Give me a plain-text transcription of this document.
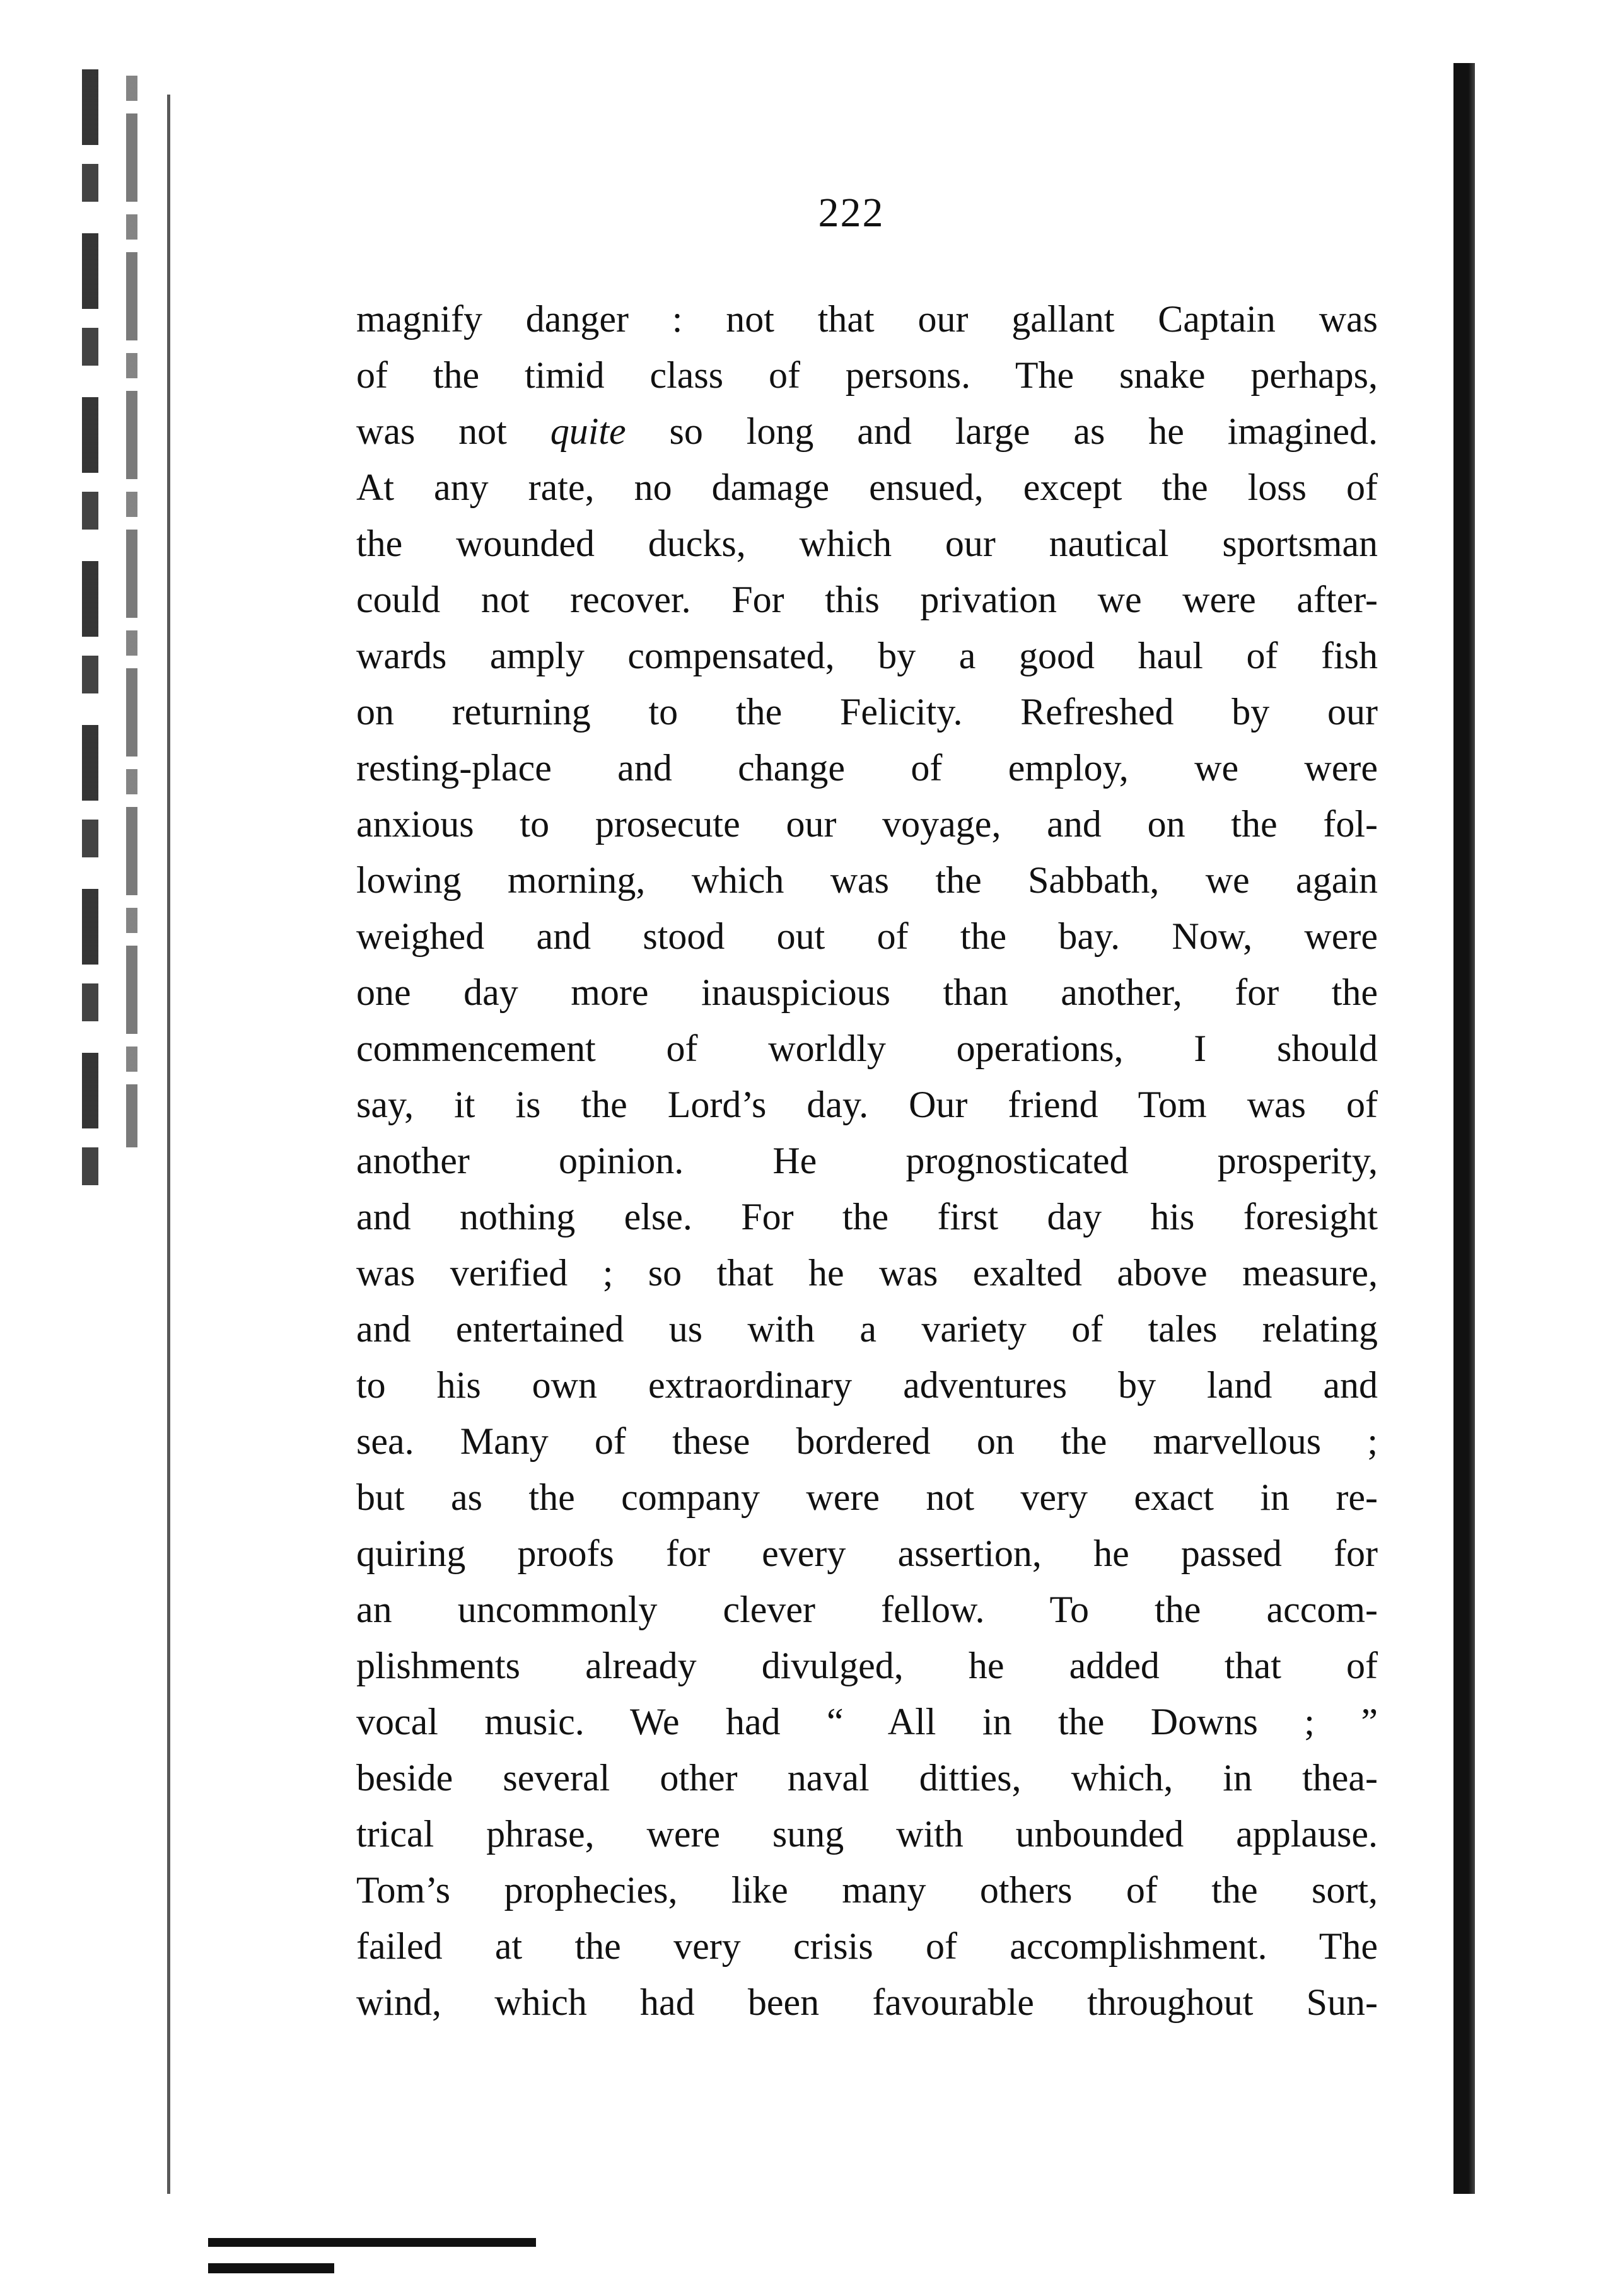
222
magnify danger : not that our gallant Captain was
of the timid class of persons. The snake perhaps,
was not quite so long and large as he imagined.
At any rate, no damage ensued, except the loss of
the wounded ducks, which our nautical sportsman
could not recover. For this privation we were after-
wards amply compensated, by a good haul of fish
on returning to the Felicity. Refreshed by our
resting-place and change of employ, we were
anxious to prosecute our voyage, and on the fol-
lowing morning, which was the Sabbath, we again
weighed and stood out of the bay. Now, were
one day more inauspicious than another, for the
commencement of worldly operations, I should
say, it is the Lord’s day. Our friend Tom was of
another opinion. He prognosticated prosperity,
and nothing else. For the first day his foresight
was verified ; so that he was exalted above measure,
and entertained us with a variety of tales relating
to his own extraordinary adventures by land and
sea. Many of these bordered on the marvellous ;
but as the company were not very exact in re-
quiring proofs for every assertion, he passed for
an uncommonly clever fellow. To the accom-
plishments already divulged, he added that of
vocal music. We had “ All in the Downs ; ”
beside several other naval ditties, which, in thea-
trical phrase, were sung with unbounded applause.
Tom’s prophecies, like many others of the sort,
failed at the very crisis of accomplishment. The
wind, which had been favourable throughout Sun-
